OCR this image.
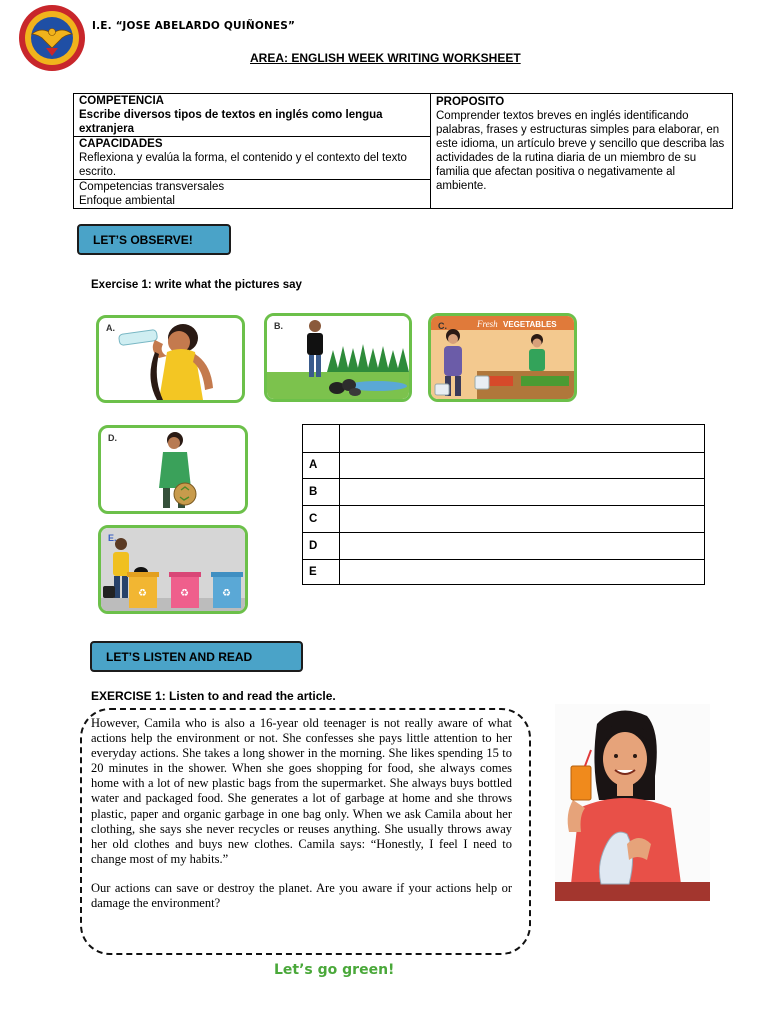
I.E. “JOSE ABELARDO QUIÑONES”
AREA: ENGLISH WEEK WRITING WORKSHEET
COMPETENCIA
Escribe diversos tipos de textos en inglés como lengua extranjera
CAPACIDADES
Reflexiona y evalúa la forma, el contenido y el contexto del texto escrito.
Competencias transversales
Enfoque ambiental
PROPOSITO
Comprender textos breves en inglés identificando palabras, frases y estructuras simples para elaborar, en este idioma, un artículo breve y sencillo que describa las actividades de la rutina diaria de un miembro de su familia que afectan positiva o negativamente al ambiente.
LET’S OBSERVE!
Exercise 1: write what the pictures say
A.	B.	Fresh VEGETABLES
C.
D.
♻	♻	♻
E.
A
B
C
D
E
LET’S LISTEN AND READ
EXERCISE 1: Listen to and read the article.

However, Camila who is also a 16-year old teenager is not really aware of what actions help the environment or not. She confesses she pays little attention to her everyday actions. She takes a long shower in the morning. She likes spending 15 to 20 minutes in the shower. When she goes shopping for food, she always comes home with a lot of new plastic bags from the supermarket. She always buys bottled water and packaged food. She generates a lot of garbage at home and she throws plastic, paper and organic garbage in one bag only. When we ask Camila about her clothing, she says she never recycles or reuses anything. She usually throws away her old clothes and buys new clothes. Camila says: “Honestly, I feel I need to change most of my habits.”

Our actions can save or destroy the planet. Are you aware if your actions help or damage the environment?

Let’s go green!
